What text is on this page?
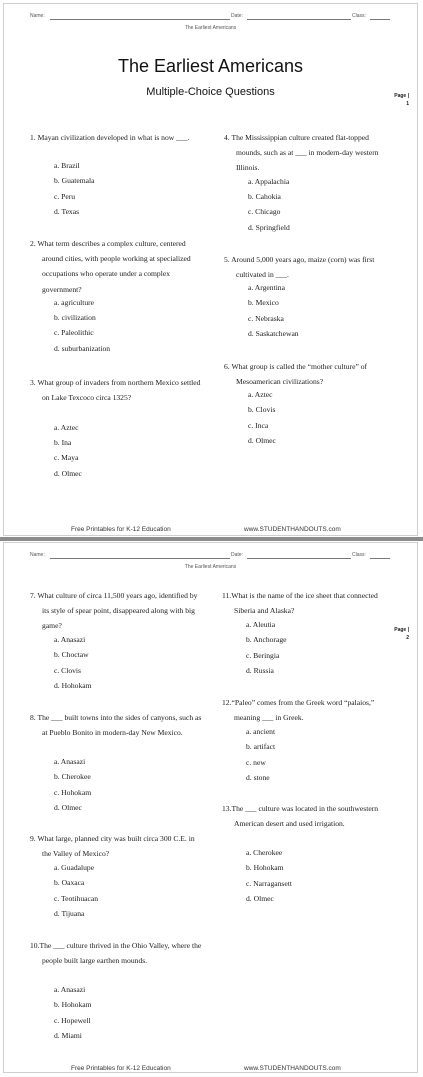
Name:	Date:	Class:
The Earliest Americans
The Earliest Americans
Multiple-Choice Questions	Page |
1
1. Mayan civilization developed in what is now ___.
a. Brazil
b. Guatemala
c. Peru
d. Texas
2. What term describes a complex culture, centered around cities, with people working at specialized occupations who operate under a complex government?
a. agriculture
b. civilization
c. Paleolithic
d. suburbanization
3. What group of invaders from northern Mexico settled on Lake Texcoco circa 1325?
a. Aztec
b. Ina
c. Maya
d. Olmec
4. The Mississippian culture created flat-topped mounds, such as at ___ in modern-day western Illinois.
a. Appalachia
b. Cahokia
c. Chicago
d. Springfield
5. Around 5,000 years ago, maize (corn) was first cultivated in ___.
a. Argentina
b. Mexico
c. Nebraska
d. Saskatchewan
6. What group is called the “mother culture” of Mesoamerican civilizations?
a. Aztec
b. Clovis
c. Inca
d. Olmec
Free Printables for K-12 Education	www.STUDENTHANDOUTS.com
Name:	Date:	Class:
The Earliest Americans
Page |
2
7. What culture of circa 11,500 years ago, identified by its style of spear point, disappeared along with big game?
a. Anasazi
b. Choctaw
c. Clovis
d. Hohokam
8. The ___ built towns into the sides of canyons, such as at Pueblo Bonito in modern-day New Mexico.
a. Anasazi
b. Cherokee
c. Hohokam
d. Olmec
9. What large, planned city was built circa 300 C.E. in the Valley of Mexico?
a. Guadalupe
b. Oaxaca
c. Teotihuacan
d. Tijuana
10.The ___ culture thrived in the Ohio Valley, where the people built large earthen mounds.
a. Anasazi
b. Hohokam
c. Hopewell
d. Miami
11.What is the name of the ice sheet that connected Siberia and Alaska?
a. Aleutia
b. Anchorage
c. Beringia
d. Russia
12.“Paleo” comes from the Greek word “palaios,” meaning ___ in Greek.
a. ancient
b. artifact
c. new
d. stone
13.The ___ culture was located in the southwestern American desert and used irrigation.
a. Cherokee
b. Hohokam
c. Narragansett
d. Olmec
Free Printables for K-12 Education	www.STUDENTHANDOUTS.com
